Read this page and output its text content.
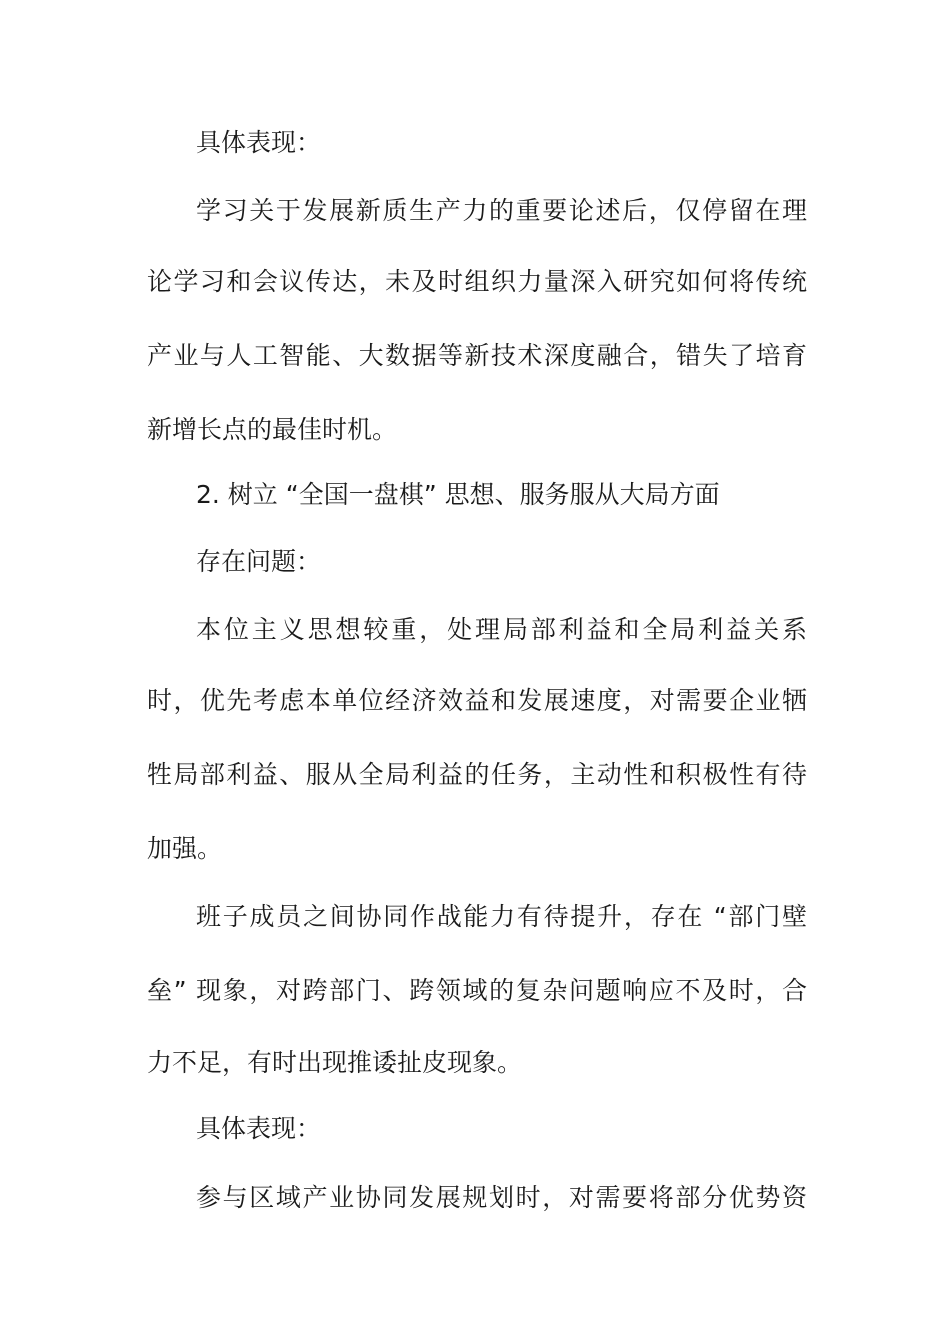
具体表现：
学习关于发展新质生产力的重要论述后，仅停留在理
论学习和会议传达，未及时组织力量深入研究如何将传统
产业与人工智能、大数据等新技术深度融合，错失了培育
新增长点的最佳时机。
2. 树立 “全国一盘棋” 思想、服务服从大局方面
存在问题：
本位主义思想较重，处理局部利益和全局利益关系
时，优先考虑本单位经济效益和发展速度，对需要企业牺
牲局部利益、服从全局利益的任务，主动性和积极性有待
加强。
班子成员之间协同作战能力有待提升，存在 “部门壁
垒” 现象，对跨部门、跨领域的复杂问题响应不及时，合
力不足，有时出现推诿扯皮现象。
具体表现：
参与区域产业协同发展规划时，对需要将部分优势资
